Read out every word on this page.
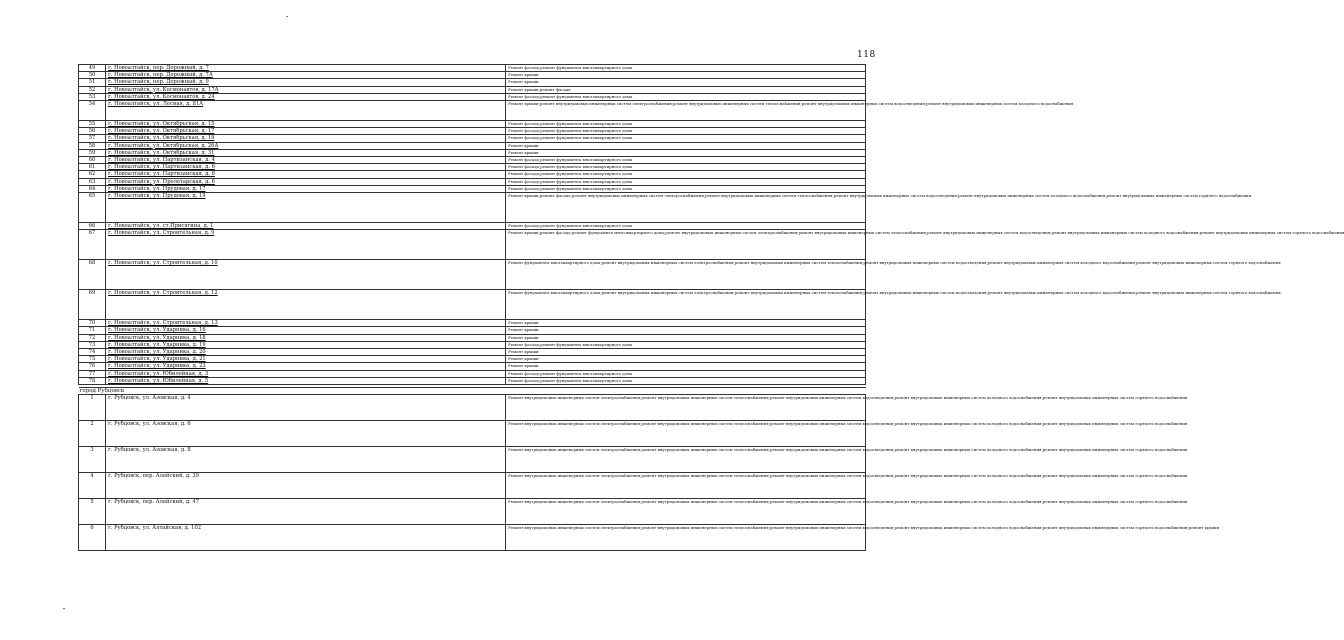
118
49	г. Новоалтайск, пер. Дорожный, д. 7	Ремонт фасада;ремонт фундамента многоквартирного дома
50	г. Новоалтайск, пер. Дорожный, д. 7А	Ремонт крыши
51	г. Новоалтайск, пер. Дорожный, д. 9	Ремонт крыши
52	г. Новоалтайск, ул. Космонавтов, д. 17А	Ремонт крыши;ремонт фасада
53	г. Новоалтайск, ул. Космонавтов, д. 24	Ремонт фасада;ремонт фундамента многоквартирного дома
54	г. Новоалтайск, ул. Лесная, д. 81А	Ремонт крыши;ремонт внутридомовых инженерных систем электроснабжения;ремонт внутридомовых инженерных систем теплоснабжения;ремонт внутридомовых инженерных систем водоотведения;ремонт внутридомовых инженерных систем холодного водоснабжения
55	г. Новоалтайск, ул. Октябрьская, д. 15	Ремонт фасада;ремонт фундамента многоквартирного дома
56	г. Новоалтайск, ул. Октябрьская, д. 17	Ремонт фасада;ремонт фундамента многоквартирного дома
57	г. Новоалтайск, ул. Октябрьская, д. 19	Ремонт фасада;ремонт фундамента многоквартирного дома
58	г. Новоалтайск, ул. Октябрьская, д. 26А	Ремонт крыши
59	г. Новоалтайск, ул. Октябрьская, д. 31	Ремонт крыши
60	г. Новоалтайск, ул. Партизанская, д. 4	Ремонт фасада;ремонт фундамента многоквартирного дома
61	г. Новоалтайск, ул. Партизанская, д. 6	Ремонт фасада;ремонт фундамента многоквартирного дома
62	г. Новоалтайск, ул. Партизанская, д. 8	Ремонт фасада;ремонт фундамента многоквартирного дома
63	г. Новоалтайск, ул. Пролетарская, д. 6	Ремонт фасада;ремонт фундамента многоквартирного дома
64	г. Новоалтайск, ул. Прудовая, д. 17	Ремонт фасада;ремонт фундамента многоквартирного дома
65	г. Новоалтайск, ул. Прудовая, д. 19	Ремонт крыши;ремонт фасада;ремонт внутридомовых инженерных систем электроснабжения;ремонт внутридомовых инженерных систем теплоснабжения;ремонт внутридомовых инженерных систем водоотведения;ремонт внутридомовых инженерных систем холодного водоснабжения;ремонт внутридомовых инженерных систем горячего водоснабжения
66	г. Новоалтайск, ул. ст.Присягина, д. 1	Ремонт фасада;ремонт фундамента многоквартирного дома
67	г. Новоалтайск, ул. Строительная, д. 9	Ремонт крыши;ремонт фасада;ремонт фундамента многоквартирного дома;ремонт внутридомовых инженерных систем электроснабжения;ремонт внутридомовых инженерных систем теплоснабжения;ремонт внутридомовых инженерных систем водоотведения;ремонт внутридомовых инженерных систем холодного водоснабжения;ремонт внутридомовых инженерных систем горячего водоснабжения
68	г. Новоалтайск, ул. Строительная, д. 10	Ремонт фундамента многоквартирного дома;ремонт внутридомовых инженерных систем электроснабжения;ремонт внутридомовых инженерных систем теплоснабжения;ремонт внутридомовых инженерных систем водоотведения;ремонт внутридомовых инженерных систем холодного водоснабжения;ремонт внутридомовых инженерных систем горячего водоснабжения
69	г. Новоалтайск, ул. Строительная, д. 12	Ремонт фундамента многоквартирного дома;ремонт внутридомовых инженерных систем электроснабжения;ремонт внутридомовых инженерных систем теплоснабжения;ремонт внутридомовых инженерных систем водоотведения;ремонт внутридомовых инженерных систем холодного водоснабжения;ремонт внутридомовых инженерных систем горячего водоснабжения
70	г. Новоалтайск, ул. Строительная, д. 13	Ремонт крыши
71	г. Новоалтайск, ул. Ударника, д. 16	Ремонт крыши
72	г. Новоалтайск, ул. Ударника, д. 18	Ремонт крыши
73	г. Новоалтайск, ул. Ударника, д. 19	Ремонт фасада;ремонт фундамента многоквартирного дома
74	г. Новоалтайск, ул. Ударника, д. 20	Ремонт крыши
75	г. Новоалтайск, ул. Ударника, д. 21	Ремонт крыши
76	г. Новоалтайск, ул. Ударника, д. 23	Ремонт крыши
77	г. Новоалтайск, ул. Юбилейная, д. 3	Ремонт фасада;ремонт фундамента многоквартирного дома
78	г. Новоалтайск, ул. Юбилейная, д. 5	Ремонт фасада;ремонт фундамента многоквартирного дома

город Рубцовск		
1	г. Рубцовск, ул. Азовская, д. 4	Ремонт внутридомовых инженерных систем электроснабжения;ремонт внутридомовых инженерных систем теплоснабжения;ремонт внутридомовых инженерных систем водоотведения;ремонт внутридомовых инженерных систем холодного водоснабжения;ремонт внутридомовых инженерных систем горячего водоснабжения
2	г. Рубцовск, ул. Азовская, д. 6	Ремонт внутридомовых инженерных систем электроснабжения;ремонт внутридомовых инженерных систем теплоснабжения;ремонт внутридомовых инженерных систем водоотведения;ремонт внутридомовых инженерных систем холодного водоснабжения;ремонт внутридомовых инженерных систем горячего водоснабжения
3	г. Рубцовск, ул. Азовская, д. 8	Ремонт внутридомовых инженерных систем электроснабжения;ремонт внутридомовых инженерных систем теплоснабжения;ремонт внутридомовых инженерных систем водоотведения;ремонт внутридомовых инженерных систем холодного водоснабжения;ремонт внутридомовых инженерных систем горячего водоснабжения
4	г. Рубцовск, пер. Алейский, д. 39	Ремонт внутридомовых инженерных систем электроснабжения;ремонт внутридомовых инженерных систем теплоснабжения;ремонт внутридомовых инженерных систем водоотведения;ремонт внутридомовых инженерных систем холодного водоснабжения;ремонт внутридомовых инженерных систем горячего водоснабжения
5	г. Рубцовск, пер. Алейский, д. 47	Ремонт внутридомовых инженерных систем электроснабжения;ремонт внутридомовых инженерных систем теплоснабжения;ремонт внутридомовых инженерных систем водоотведения;ремонт внутридомовых инженерных систем холодного водоснабжения;ремонт внутридомовых инженерных систем горячего водоснабжения
6	г. Рубцовск, ул. Алтайская, д. 102	Ремонт внутридомовых инженерных систем электроснабжения;ремонт внутридомовых инженерных систем теплоснабжения;ремонт внутридомовых инженерных систем водоотведения;ремонт внутридомовых инженерных систем холодного водоснабжения;ремонт внутридомовых инженерных систем горячего водоснабжения;ремонт крыши
